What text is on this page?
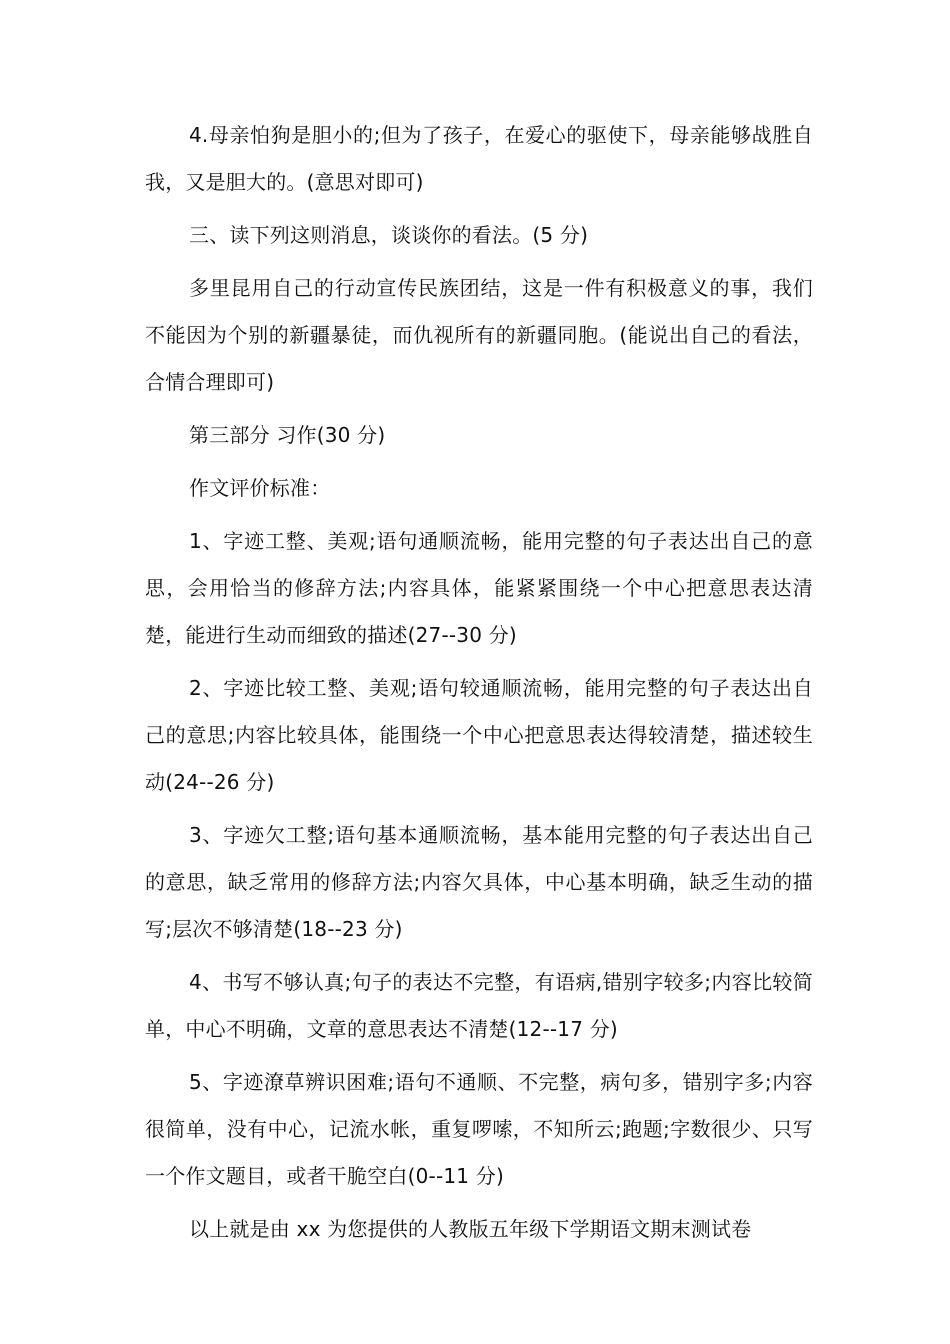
4.母亲怕狗是胆小的;但为了孩子，在爱心的驱使下，母亲能够战胜自我，又是胆大的。(意思对即可)

三、读下列这则消息，谈谈你的看法。(5 分)

多里昆用自己的行动宣传民族团结，这是一件有积极意义的事，我们不能因为个别的新疆暴徒，而仇视所有的新疆同胞。(能说出自己的看法，合情合理即可)

第三部分 习作(30 分)

作文评价标准：

1、字迹工整、美观;语句通顺流畅，能用完整的句子表达出自己的意思，会用恰当的修辞方法;内容具体，能紧紧围绕一个中心把意思表达清楚，能进行生动而细致的描述(27--30 分)

2、字迹比较工整、美观;语句较通顺流畅，能用完整的句子表达出自己的意思;内容比较具体，能围绕一个中心把意思表达得较清楚，描述较生动(24--26 分)

3、字迹欠工整;语句基本通顺流畅，基本能用完整的句子表达出自己的意思，缺乏常用的修辞方法;内容欠具体，中心基本明确，缺乏生动的描写;层次不够清楚(18--23 分)

4、书写不够认真;句子的表达不完整，有语病,错别字较多;内容比较简单，中心不明确，文章的意思表达不清楚(12--17 分)

5、字迹潦草辨识困难;语句不通顺、不完整，病句多，错别字多;内容很简单，没有中心，记流水帐，重复啰嗦，不知所云;跑题;字数很少、只写一个作文题目，或者干脆空白(0--11 分)

以上就是由 xx 为您提供的人教版五年级下学期语文期末测试卷
